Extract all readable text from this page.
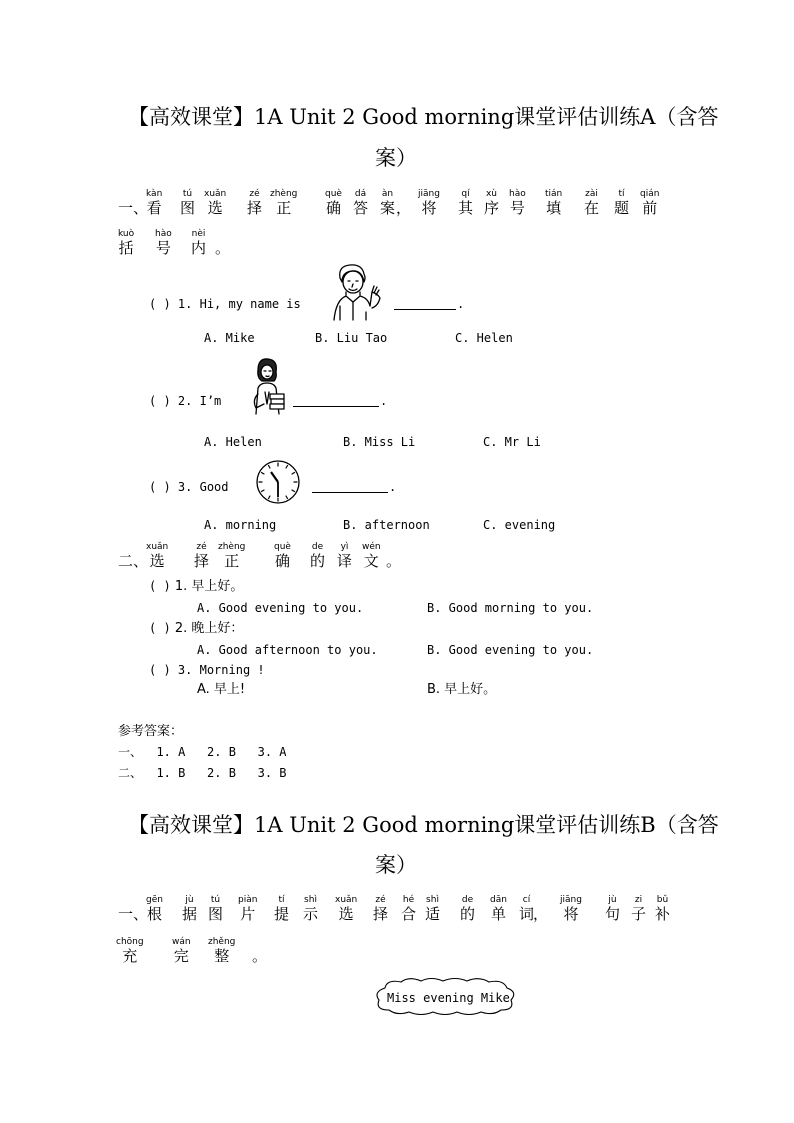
【高效课堂】1A Unit 2 Good morning课堂评估训练A（含答
案）
一、
kàn
看
tú
图
xuǎn
选
zé
择
zhèng
正
què
确
dá
答
àn
案 ，
jiāng
将
qí
其
xù
序
hào
号
tián
填
zài
在
tí
题
qián
前
kuò
括
hào
号
nèi
内 。
( ) 1. Hi, my name is	.
A. Mike	B. Liu Tao	C. Helen
( ) 2. I’m	.
A. Helen	B. Miss Li	C. Mr Li
( ) 3. Good	.
A. morning	B. afternoon	C. evening
二、
xuǎn
选
zé
择
zhèng
正
què
确
de
的
yì
译
wén
文 。
( ) 1. 早上好。
A. Good evening to you.	B. Good morning to you.
( ) 2. 晚上好：
A. Good afternoon to you.	B. Good evening to you.
( ) 3. Morning !
A. 早上!	B. 早上好。
参考答案：
一、  1. A   2. B   3. A
二、  1. B   2. B   3. B
【高效课堂】1A Unit 2 Good morning课堂评估训练B（含答
案）
一、
gēn
根
jù
据
tú
图
piàn
片
tí
提
shì
示
xuǎn
选
zé
择
hé
合
shì
适
de
的
dān
单
cí
词
，
jiāng
将
jù
句
zi
子
bǔ
补
chōng
充
wán
完
zhěng
整	。
Miss evening Mike
